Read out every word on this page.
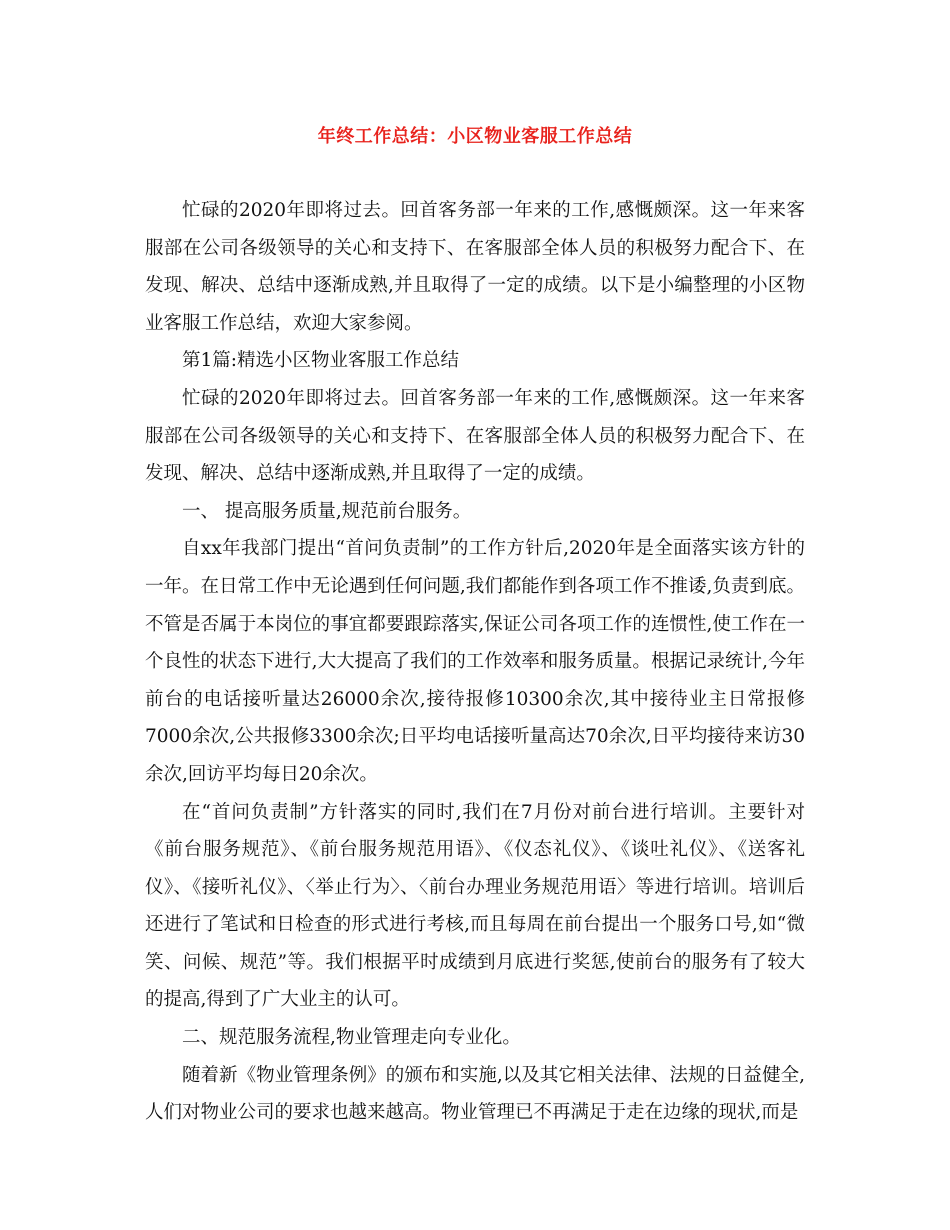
年终工作总结：小区物业客服工作总结

忙碌的2020年即将过去。回首客务部一年来的工作,感慨颇深。这一年来客服部在公司各级领导的关心和支持下、在客服部全体人员的积极努力配合下、在发现、解决、总结中逐渐成熟,并且取得了一定的成绩。以下是小编整理的小区物业客服工作总结，欢迎大家参阅。

第1篇:精选小区物业客服工作总结

忙碌的2020年即将过去。回首客务部一年来的工作,感慨颇深。这一年来客服部在公司各级领导的关心和支持下、在客服部全体人员的积极努力配合下、在发现、解决、总结中逐渐成熟,并且取得了一定的成绩。

一、 提高服务质量,规范前台服务。

自xx年我部门提出“首问负责制”的工作方针后,2020年是全面落实该方针的一年。在日常工作中无论遇到任何问题,我们都能作到各项工作不推诿,负责到底。不管是否属于本岗位的事宜都要跟踪落实,保证公司各项工作的连惯性,使工作在一个良性的状态下进行,大大提高了我们的工作效率和服务质量。根据记录统计,今年前台的电话接听量达26000余次,接待报修10300余次,其中接待业主日常报修7000余次,公共报修3300余次;日平均电话接听量高达70余次,日平均接待来访30余次,回访平均每日20余次。

在“首问负责制”方针落实的同时,我们在7月份对前台进行培训。主要针对《前台服务规范》、《前台服务规范用语》、《仪态礼仪》、《谈吐礼仪》、《送客礼仪》、《接听礼仪》、〈举止行为〉、〈前台办理业务规范用语〉等进行培训。培训后还进行了笔试和日检查的形式进行考核,而且每周在前台提出一个服务口号,如“微笑、问候、规范”等。我们根据平时成绩到月底进行奖惩,使前台的服务有了较大的提高,得到了广大业主的认可。

二、规范服务流程,物业管理走向专业化。

随着新《物业管理条例》的颁布和实施,以及其它相关法律、法规的日益健全,人们对物业公司的要求也越来越高。物业管理已不再满足于走在边缘的现状,而是
